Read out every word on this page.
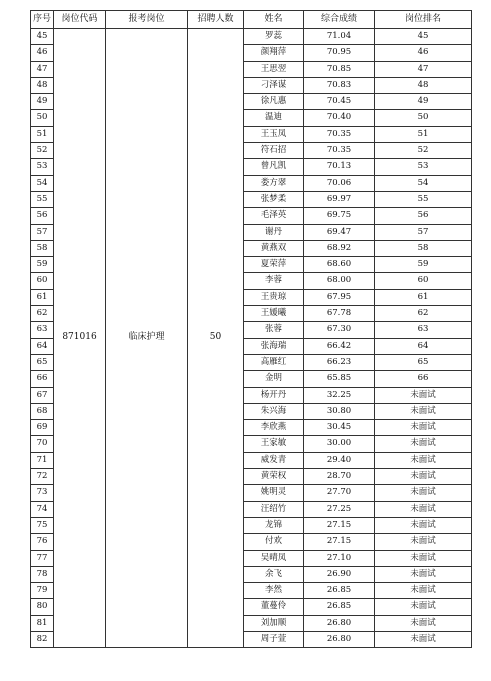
序号	岗位代码	报考岗位	招聘人数	姓名	综合成绩	岗位排名
45	871016	临床护理	50	罗蕊	71.04	45
46				颜翔萍	70.95	46
47				王思翌	70.85	47
48				刁泽谋	70.83	48
49				徐凡惠	70.45	49
50				温迪	70.40	50
51				王玉凤	70.35	51
52				符石招	70.35	52
53				曾凡凯	70.13	53
54				娄方翠	70.06	54
55				张梦柔	69.97	55
56				毛泽英	69.75	56
57				谢丹	69.47	57
58				黄燕双	68.92	58
59				夏荣萍	68.60	59
60				李蓉	68.00	60
61				王贵琼	67.95	61
62				王媛曦	67.78	62
63				张蓉	67.30	63
64				张海瑞	66.42	64
65				高雁红	66.23	65
66				金明	65.85	66
67				杨开丹	32.25	未面试
68				朱兴海	30.80	未面试
69				李欣燕	30.45	未面试
70				王家敏	30.00	未面试
71				威发青	29.40	未面试
72				黄荣权	28.70	未面试
73				姚明灵	27.70	未面试
74				汪绍竹	27.25	未面试
75				龙锦	27.15	未面试
76				付欢	27.15	未面试
77				吴晴凤	27.10	未面试
78				余飞	26.90	未面试
79				李然	26.85	未面试
80				董蔓伶	26.85	未面试
81				刘加顺	26.80	未面试
82				周子萱	26.80	未面试
